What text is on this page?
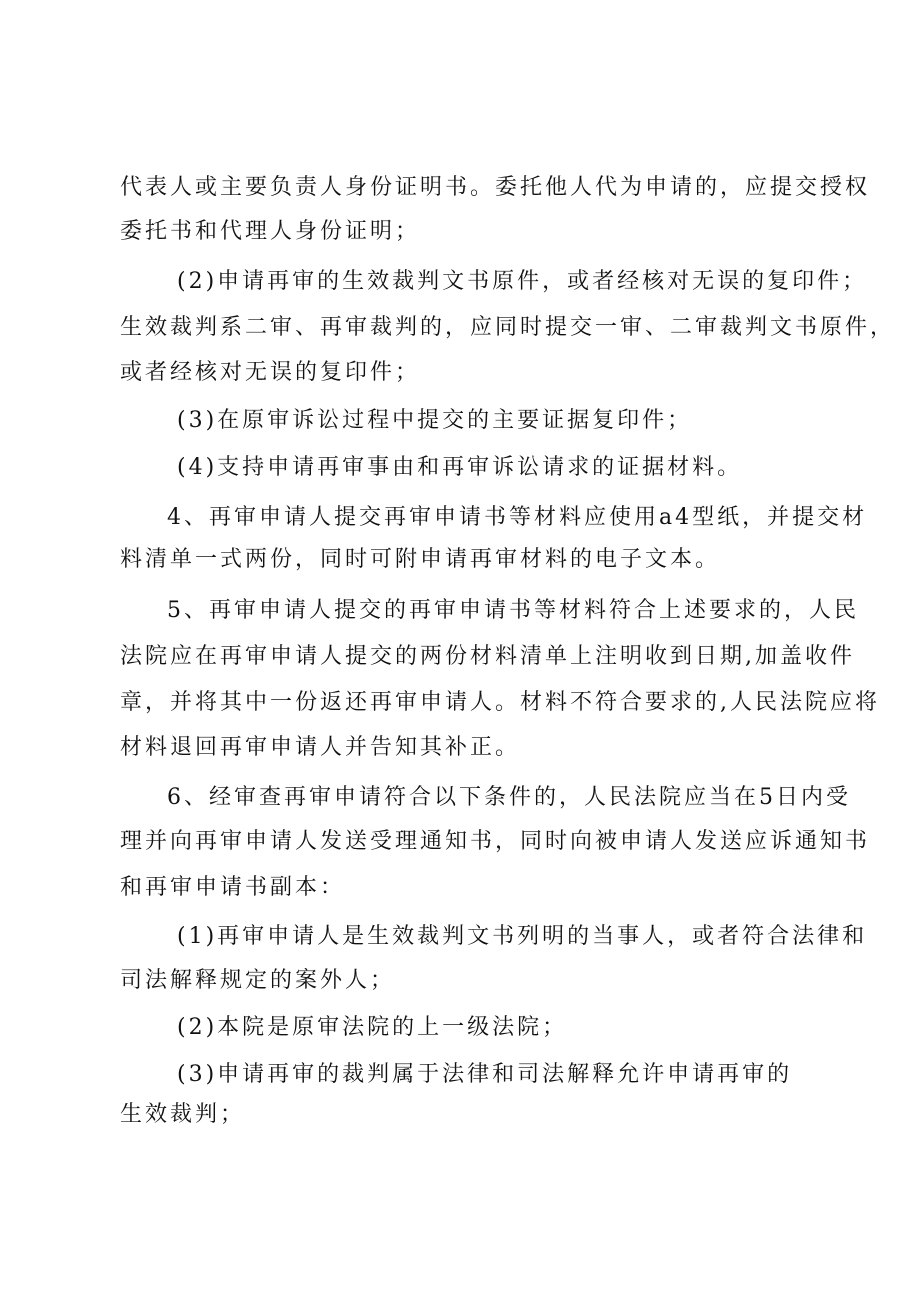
代表人或主要负责人身份证明书。委托他人代为申请的，应提交授权
委托书和代理人身份证明；
(2)申请再审的生效裁判文书原件，或者经核对无误的复印件；
生效裁判系二审、再审裁判的，应同时提交一审、二审裁判文书原件，
或者经核对无误的复印件；
(3)在原审诉讼过程中提交的主要证据复印件；
(4)支持申请再审事由和再审诉讼请求的证据材料。
4、再审申请人提交再审申请书等材料应使用a4型纸，并提交材
料清单一式两份，同时可附申请再审材料的电子文本。
5、再审申请人提交的再审申请书等材料符合上述要求的，人民
法院应在再审申请人提交的两份材料清单上注明收到日期,加盖收件
章，并将其中一份返还再审申请人。材料不符合要求的,人民法院应将
材料退回再审申请人并告知其补正。
6、经审查再审申请符合以下条件的，人民法院应当在5日内受
理并向再审申请人发送受理通知书，同时向被申请人发送应诉通知书
和再审申请书副本：
(1)再审申请人是生效裁判文书列明的当事人，或者符合法律和
司法解释规定的案外人；
(2)本院是原审法院的上一级法院；
(3)申请再审的裁判属于法律和司法解释允许申请再审的
生效裁判；
